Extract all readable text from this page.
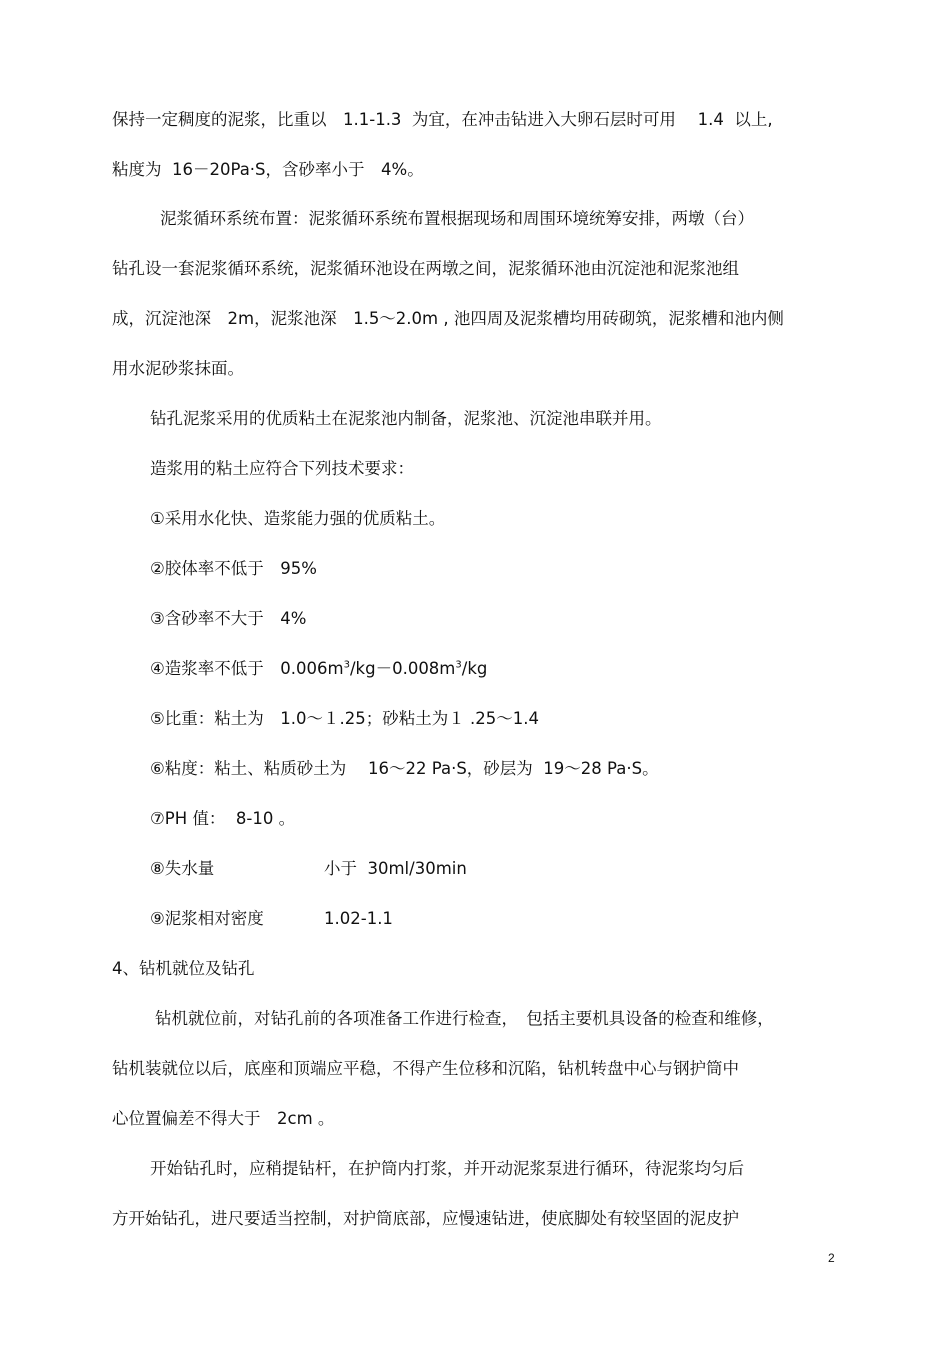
保持一定稠度的泥浆，比重以　1.1-1.3  为宜，在冲击钻进入大卵石层时可用　 1.4  以上,
粘度为  16－20Pa·S，含砂率小于　4%。
泥浆循环系统布置：泥浆循环系统布置根据现场和周围环境统筹安排，两墩（台）
钻孔设一套泥浆循环系统，泥浆循环池设在两墩之间，泥浆循环池由沉淀池和泥浆池组
成，沉淀池深　2m，泥浆池深　1.5～2.0m , 池四周及泥浆槽均用砖砌筑，泥浆槽和池内侧
用水泥砂浆抹面。
钻孔泥浆采用的优质粘土在泥浆池内制备，泥浆池、沉淀池串联并用。
造浆用的粘土应符合下列技术要求：
①采用水化快、造浆能力强的优质粘土。
②胶体率不低于　95%
③含砂率不大于　4%
④造浆率不低于　$0.006m^3/kg-0.008m^3/kg$
⑤比重：粘土为　1.0～１.25；砂粘土为１ .25～1.4
⑥粘度：粘土、粘质砂土为　 16～22 Pa·S，砂层为  19～28 Pa·S。
⑦PH 值：  8-10 。
⑧失水量	小于  30ml/30min
⑨泥浆相对密度	1.02-1.1
4、钻机就位及钻孔
钻机就位前，对钻孔前的各项准备工作进行检查，　包括主要机具设备的检查和维修，
钻机装就位以后，底座和顶端应平稳，不得产生位移和沉陷，钻机转盘中心与钢护筒中
心位置偏差不得大于　2cm 。
开始钻孔时，应稍提钻杆，在护筒内打浆，并开动泥浆泵进行循环，待泥浆均匀后
方开始钻孔，进尺要适当控制，对护筒底部，应慢速钻进，使底脚处有较坚固的泥皮护
2
